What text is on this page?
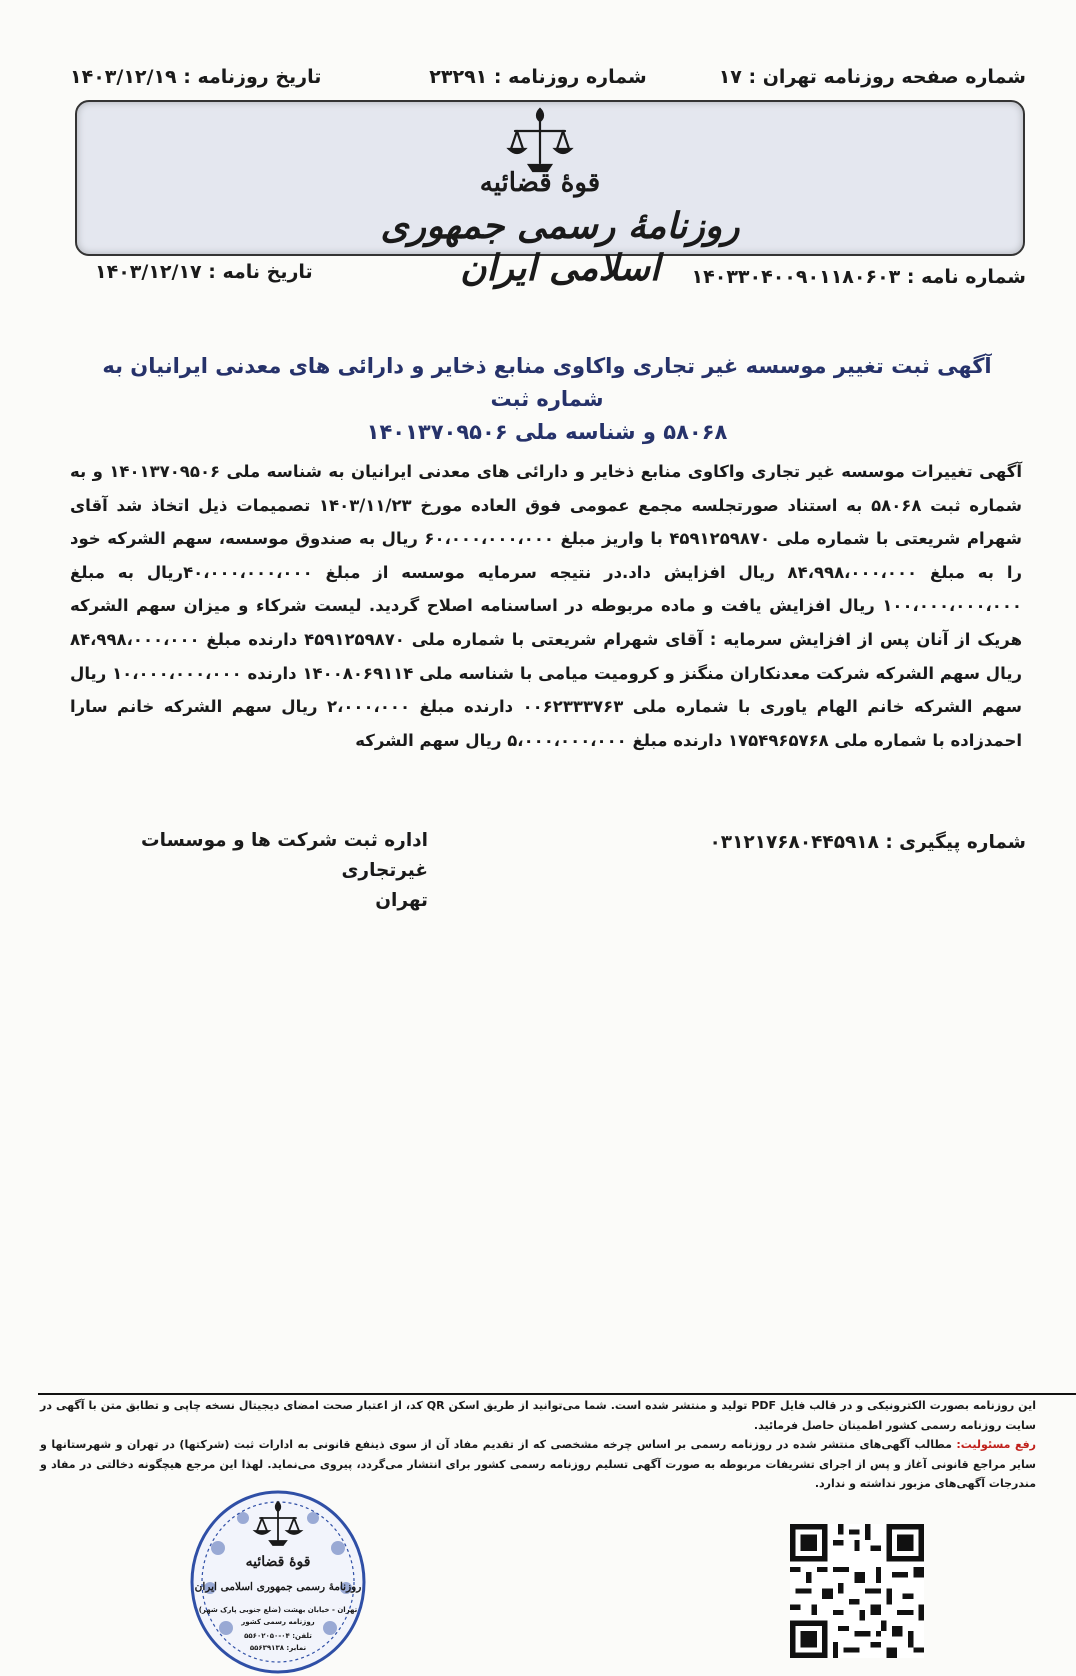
شماره صفحه روزنامه تهران : ۱۷
شماره روزنامه : ۲۳۲۹۱
تاریخ روزنامه : ۱۴۰۳/۱۲/۱۹
قوهٔ قضائیه
روزنامهٔ رسمی جمهوری اسلامی ایران	شماره نامه : ۱۴۰۳۳۰۴۰۰۹۰۱۱۸۰۶۰۳
تاریخ نامه : ۱۴۰۳/۱۲/۱۷
آگهی ثبت تغییر موسسه غیر تجاری واکاوی منابع ذخایر و دارائی های معدنی ایرانیان به شماره ثبت
۵۸۰۶۸ و شناسه ملی ۱۴۰۱۳۷۰۹۵۰۶
آگهی تغییرات موسسه غیر تجاری واکاوی منابع ذخایر و دارائی های معدنی ایرانیان به شناسه ملی ۱۴۰۱۳۷۰۹۵۰۶ و به شماره ثبت ۵۸۰۶۸ به استناد صورتجلسه مجمع عمومی فوق العاده مورخ ۱۴۰۳/۱۱/۲۳ تصمیمات ذیل اتخاذ شد آقای شهرام شریعتی با شماره ملی ۴۵۹۱۲۵۹۸۷۰ با واریز مبلغ ۶۰،۰۰۰،۰۰۰،۰۰۰ ریال به صندوق موسسه، سهم الشرکه خود را به مبلغ ۸۴،۹۹۸،۰۰۰،۰۰۰ ریال افزایش داد.در نتیجه سرمایه موسسه از مبلغ ۴۰،۰۰۰،۰۰۰،۰۰۰ریال به مبلغ ۱۰۰،۰۰۰،۰۰۰،۰۰۰ ریال افزایش یافت و ماده مربوطه در اساسنامه اصلاح گردید. لیست شرکاء و میزان سهم الشرکه هریک از آنان پس از افزایش سرمایه : آقای شهرام شریعتی با شماره ملی ۴۵۹۱۲۵۹۸۷۰ دارنده مبلغ ۸۴،۹۹۸،۰۰۰،۰۰۰ ریال سهم الشرکه شرکت معدنکاران منگنز و کرومیت میامی با شناسه ملی ۱۴۰۰۸۰۶۹۱۱۴ دارنده ۱۰،۰۰۰،۰۰۰،۰۰۰ ریال سهم الشرکه خانم الهام یاوری با شماره ملی ۰۰۶۲۳۳۳۷۶۳ دارنده مبلغ ۲،۰۰۰،۰۰۰ ریال سهم الشرکه خانم سارا احمدزاده با شماره ملی ۱۷۵۴۹۶۵۷۶۸ دارنده مبلغ ۵،۰۰۰،۰۰۰،۰۰۰ ریال سهم الشرکه
شماره پیگیری : ۰۳۱۲۱۷۶۸۰۴۴۵۹۱۸
اداره ثبت شرکت ها و موسسات غیرتجاری
تهران
این روزنامه بصورت الکترونیکی و در قالب فایل PDF تولید و منتشر شده است. شما می‌توانید از طریق اسکن QR کد، از اعتبار صحت امضای دیجیتال نسخه چاپی و تطابق متن با آگهی در سایت روزنامه رسمی کشور اطمینان حاصل فرمائید.
رفع مسئولیت: مطالب آگهی‌های منتشر شده در روزنامه رسمی بر اساس چرخه مشخصی که از تقدیم مفاد آن از سوی ذینفع قانونی به ادارات ثبت (شرکتها) در تهران و شهرستانها و سایر مراجع قانونی آغاز و پس از اجرای تشریفات مربوطه به صورت آگهی تسلیم روزنامه رسمی کشور برای انتشار می‌گردد، پیروی می‌نماید. لهذا این مرجع هیچگونه دخالتی در مفاد و مندرجات آگهی‌های مزبور نداشته و ندارد.
قوهٔ قضائیه
روزنامهٔ رسمی جمهوری اسلامی ایران
تهران - خیابان بهشت (ضلع جنوبی پارک شهر)
روزنامه رسمی کشور
تلفن: ۰۴-۵۵۶۰۲۰۵۰
نمابر: ۵۵۶۳۹۱۳۸
